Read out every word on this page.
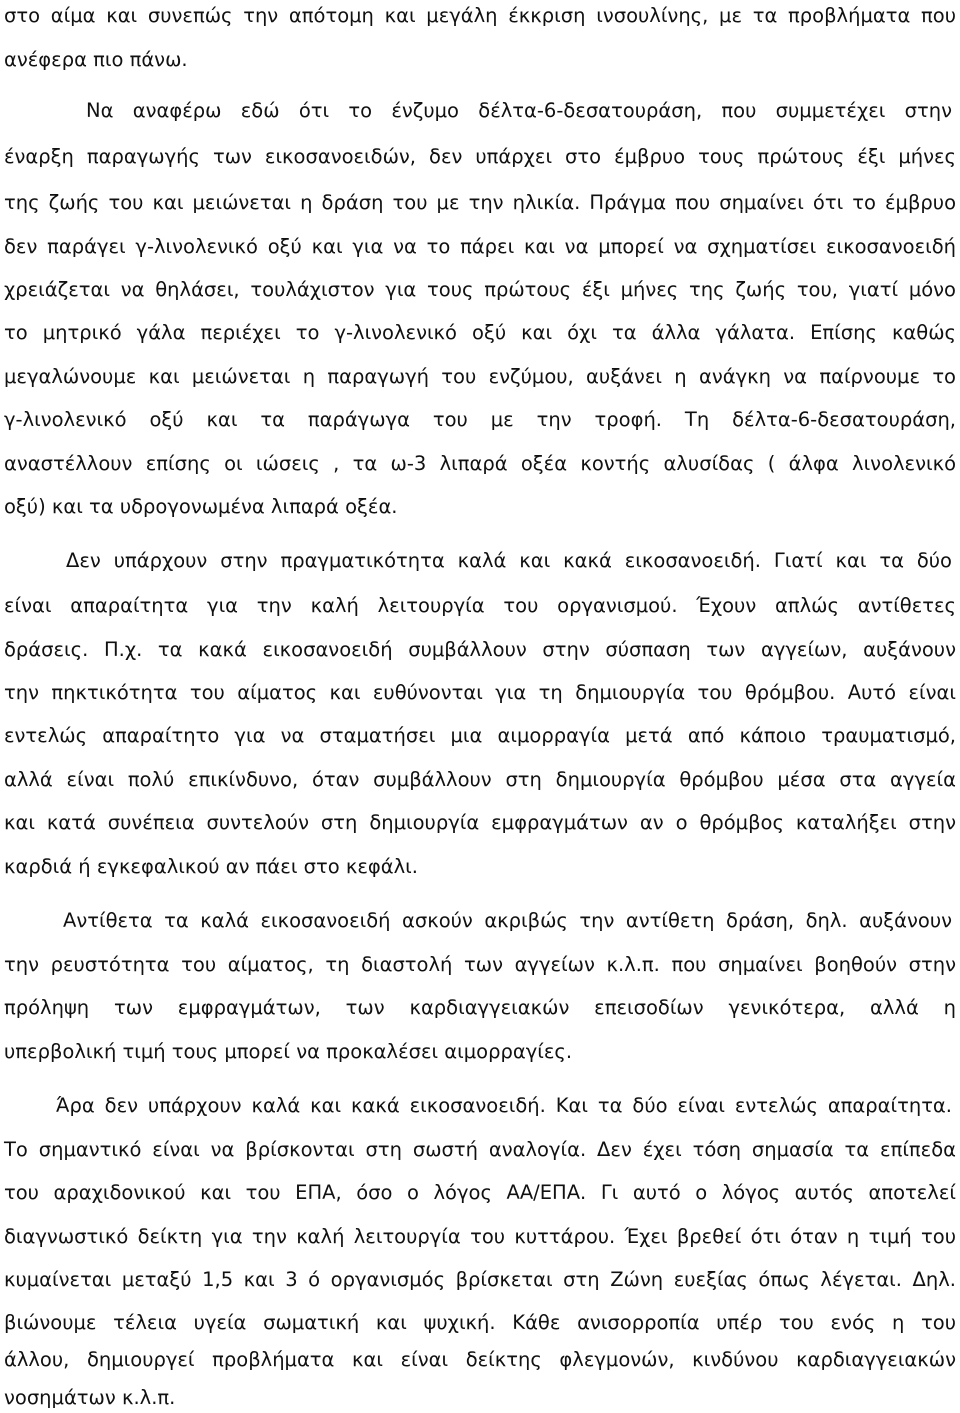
στο αίμα και συνεπώς την απότομη και μεγάλη έκκριση ινσουλίνης, με τα προβλήματα που
ανέφερα πιο πάνω.
Να αναφέρω εδώ ότι το ένζυμο δέλτα-6-δεσατουράση, που συμμετέχει στην
έναρξη παραγωγής των εικοσανοειδών, δεν υπάρχει στο έμβρυο τους πρώτους έξι μήνες
της ζωής του και μειώνεται η δράση του με την ηλικία. Πράγμα που σημαίνει ότι το έμβρυο
δεν παράγει γ-λινολενικό οξύ και για να το πάρει και να μπορεί να σχηματίσει εικοσανοειδή
χρειάζεται να θηλάσει, τουλάχιστον για τους πρώτους έξι μήνες της ζωής του, γιατί μόνο
το μητρικό γάλα περιέχει το γ-λινολενικό οξύ και όχι τα άλλα γάλατα. Επίσης καθώς
μεγαλώνουμε και μειώνεται η παραγωγή του ενζύμου, αυξάνει η ανάγκη να παίρνουμε το
γ-λινολενικό οξύ και τα παράγωγα του με την τροφή. Τη δέλτα-6-δεσατουράση,
αναστέλλουν επίσης οι ιώσεις , τα ω-3 λιπαρά οξέα κοντής αλυσίδας ( άλφα λινολενικό
οξύ) και τα υδρογονωμένα λιπαρά οξέα.
Δεν υπάρχουν στην πραγματικότητα καλά και κακά εικοσανοειδή. Γιατί και τα δύο
είναι απαραίτητα για την καλή λειτουργία του οργανισμού. Έχουν απλώς αντίθετες
δράσεις. Π.χ. τα κακά εικοσανοειδή συμβάλλουν στην σύσπαση των αγγείων, αυξάνουν
την πηκτικότητα του αίματος και ευθύνονται για τη δημιουργία του θρόμβου. Αυτό είναι
εντελώς απαραίτητο για να σταματήσει μια αιμορραγία μετά από κάποιο τραυματισμό,
αλλά είναι πολύ επικίνδυνο, όταν συμβάλλουν στη δημιουργία θρόμβου μέσα στα αγγεία
και κατά συνέπεια συντελούν στη δημιουργία εμφραγμάτων αν ο θρόμβος καταλήξει στην
καρδιά ή εγκεφαλικού αν πάει στο κεφάλι.
Αντίθετα τα καλά εικοσανοειδή ασκούν ακριβώς την αντίθετη δράση, δηλ. αυξάνουν
την ρευστότητα του αίματος, τη διαστολή των αγγείων κ.λ.π. που σημαίνει βοηθούν στην
πρόληψη των εμφραγμάτων, των καρδιαγγειακών επεισοδίων γενικότερα, αλλά η
υπερβολική τιμή τους μπορεί να προκαλέσει αιμορραγίες.
Άρα δεν υπάρχουν καλά και κακά εικοσανοειδή. Και τα δύο είναι εντελώς απαραίτητα.
Το σημαντικό είναι να βρίσκονται στη σωστή αναλογία. Δεν έχει τόση σημασία τα επίπεδα
του αραχιδονικού και του ΕΠΑ, όσο ο λόγος ΑΑ/ΕΠΑ. Γι αυτό ο λόγος αυτός αποτελεί
διαγνωστικό δείκτη για την καλή λειτουργία του κυττάρου. Έχει βρεθεί ότι όταν η τιμή του
κυμαίνεται μεταξύ 1,5 και 3 ό οργανισμός βρίσκεται στη Ζώνη ευεξίας όπως λέγεται. Δηλ.
βιώνουμε τέλεια υγεία σωματική και ψυχική. Κάθε ανισορροπία υπέρ του ενός η του
άλλου, δημιουργεί προβλήματα και είναι δείκτης φλεγμονών, κινδύνου καρδιαγγειακών
νοσημάτων κ.λ.π.
